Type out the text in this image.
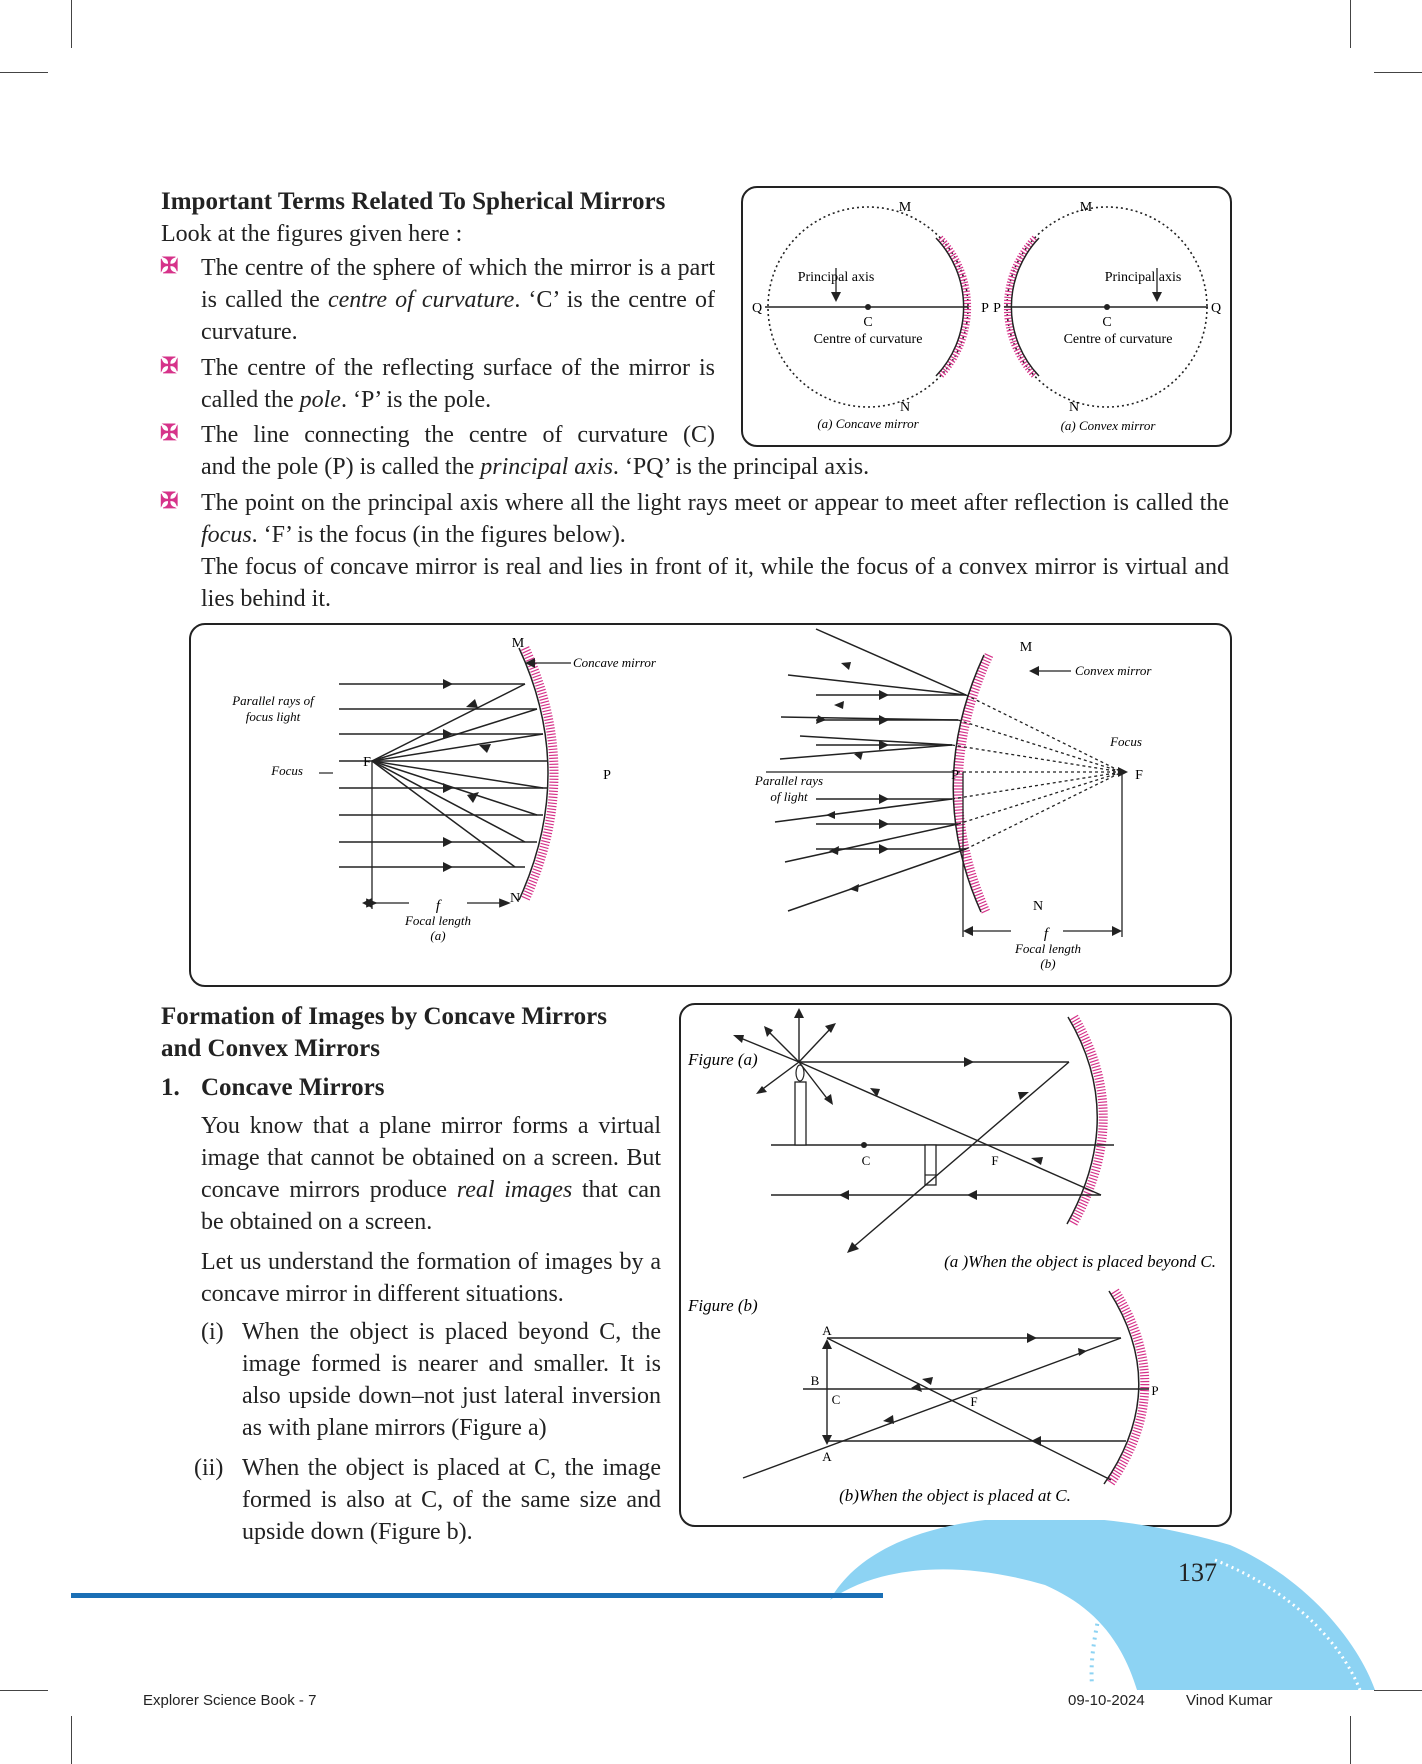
Important Terms Related To Spherical Mirrors
Look at the figures given here :
✠ The centre of the sphere of which the mirror is a part is called the centre of curvature. ‘C’ is the centre of curvature.
✠ The centre of the reflecting surface of the mirror is called the pole. ‘P’ is the pole.
✠ The line connecting the centre of curvature (C)
and the pole (P) is called the principal axis. ‘PQ’ is the principal axis.
✠ The point on the principal axis where all the light rays meet or appear to meet after reflection is called the focus. ‘F’ is the focus (in the figures below).
The focus of concave mirror is real and lies in front of it, while the focus of a convex mirror is virtual and lies behind it.
M
N
Q	P
C
Principal axis
Centre of curvature
(a) Concave mirror
M
N
P	Q
C
Principal axis
Centre of curvature
(a) Convex mirror
M
N
F
P
Concave mirror
Parallel rays of
focus light
Focus
f
Focal length
(a)
M
N
P	F
Focus
Convex mirror
Parallel rays
of light
f
Focal length
(b)
Formation of Images by Concave Mirrors
and Convex Mirrors
1. Concave Mirrors
You know that a plane mirror forms a virtual image that cannot be obtained on a screen. But concave mirrors produce real images that can be obtained on a screen.
Let us understand the formation of images by a concave mirror in different situations.
(i) When the object is placed beyond C, the image formed is nearer and smaller. It is also upside down–not just lateral inversion as with plane mirrors (Figure a)
(ii) When the object is placed at C, the image formed is also at C, of the same size and upside down (Figure b).
Figure (a)
C	F
(a )When the object is placed beyond C.
Figure (b)
A
B
C
A
F
P
(b)When the object is placed at C.
137
Explorer Science Book - 7	09-10-2024	Vinod Kumar
